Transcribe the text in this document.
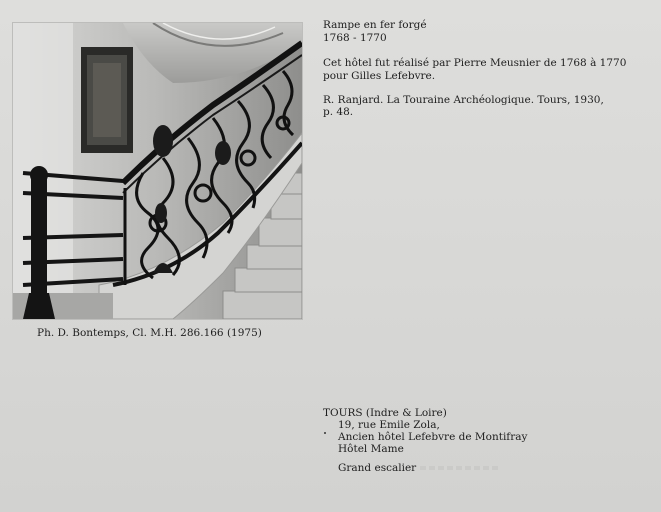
Ph. D. Bontemps, Cl. M.H. 286.166 (1975)
Rampe en fer forgé
1768 - 1770
Cet hôtel fut réalisé par Pierre Meusnier de 1768 à 1770
pour Gilles Lefebvre.
R. Ranjard. La Touraine Archéologique. Tours, 1930,
p. 48.
TOURS (Indre & Loire)
19, rue Emile Zola,
Ancien hôtel Lefebvre de Montifray
Hôtel Mame
Grand escalier
